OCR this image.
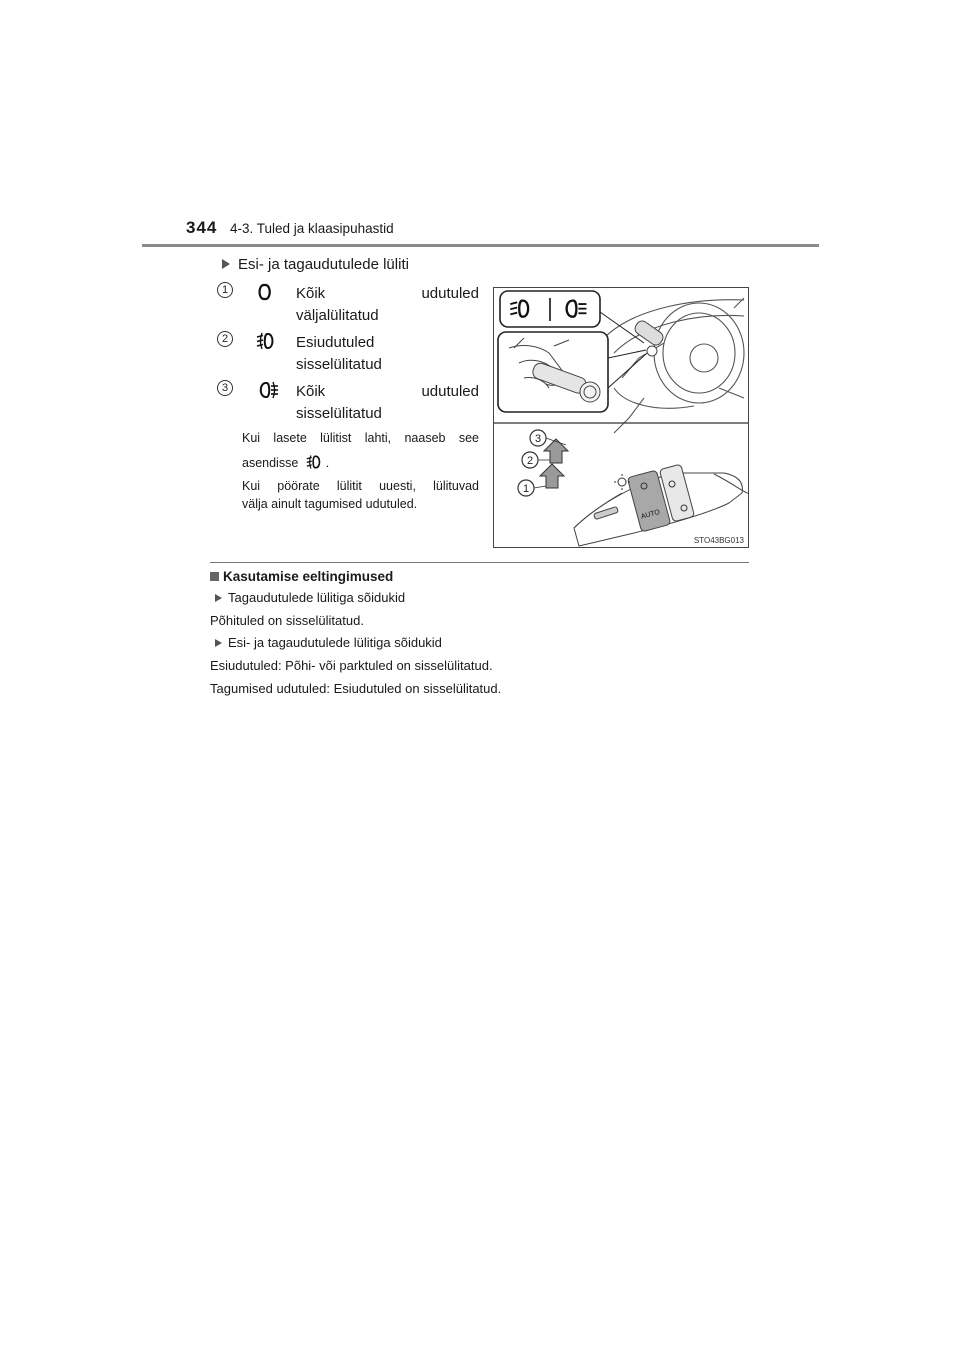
344 4-3. Tuled ja klaasipuhastid
Esi- ja tagaudutulede lüliti
1	Kõik udutuled
väljalülitatud
2	Esiudutuled
sisselülitatud
3	Kõik udutuled
sisselülitatud
Kui lasete lülitist lahti, naaseb see
asendisse .
Kui pöörate lülitit uuesti, lülituvad
välja ainult tagumised udutuled.
AUTO
1
2
3
STO43BG013
Kasutamise eeltingimused
Tagaudutulede lülitiga sõidukid
Põhituled on sisselülitatud.
Esi- ja tagaudutulede lülitiga sõidukid
Esiudutuled: Põhi- või parktuled on sisselülitatud.
Tagumised udutuled: Esiudutuled on sisselülitatud.
